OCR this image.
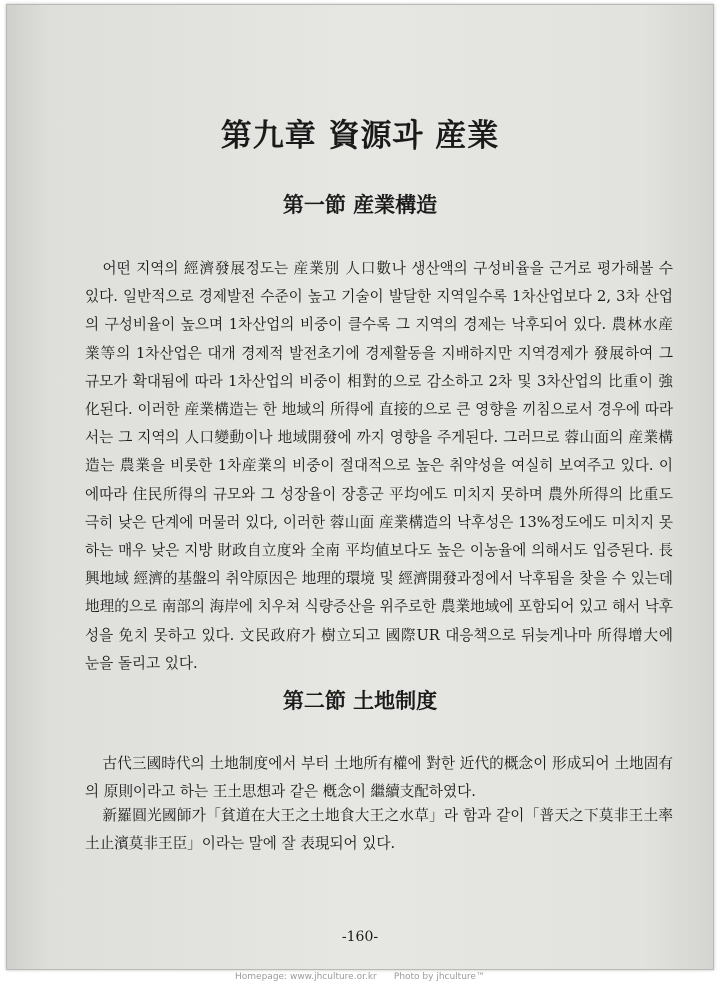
第九章 資源과 産業
第一節 産業構造

어떤 지역의 經濟發展정도는 産業別 人口數나 생산액의 구성비율을 근거로 평가해볼 수 있다. 일반적으로 경제발전 수준이 높고 기술이 발달한 지역일수록 1차산업보다 2, 3차 산업의 구성비율이 높으며 1차산업의 비중이 클수록 그 지역의 경제는 낙후되어 있다. 農林水産業等의 1차산업은 대개 경제적 발전초기에 경제활동을 지배하지만 지역경제가 發展하여 그 규모가 확대됨에 따라 1차산업의 비중이 相對的으로 감소하고 2차 및 3차산업의 比重이 強化된다. 이러한 産業構造는 한 地域의 所得에 直接的으로 큰 영향을 끼침으로서 경우에 따라서는 그 지역의 人口變動이나 地域開發에 까지 영향을 주게된다. 그러므로 蓉山面의 産業構造는 農業을 비롯한 1차産業의 비중이 절대적으로 높은 취약성을 여실히 보여주고 있다. 이에따라 住民所得의 규모와 그 성장율이 장흥군 平均에도 미치지 못하며 農外所得의 比重도 극히 낮은 단계에 머물러 있다, 이러한 蓉山面 産業構造의 낙후성은 13%정도에도 미치지 못하는 매우 낮은 지방 財政自立度와 全南 平均値보다도 높은 이농율에 의해서도 입증된다. 長興地域 經濟的基盤의 취약原因은 地理的環境 및 經濟開發과정에서 낙후됨을 찾을 수 있는데 地理的으로 南部의 海岸에 치우쳐 식량증산을 위주로한 農業地域에 포함되어 있고 해서 낙후성을 免치 못하고 있다. 文民政府가 樹立되고 國際UR 대응책으로 뒤늦게나마 所得增大에 눈을 돌리고 있다.

第二節 土地制度

古代三國時代의 土地制度에서 부터 土地所有權에 對한 近代的概念이 形成되어 土地固有의 原則이라고 하는 王土思想과 같은 槪念이 繼續支配하였다.

新羅圓光國師가「貧道在大王之土地食大王之水草」라 함과 같이「普天之下莫非王土率土止濱莫非王臣」이라는 말에 잘 表現되어 있다.

-160-
Homepage: www.jhculture.or.kr      Photo by jhculture™
